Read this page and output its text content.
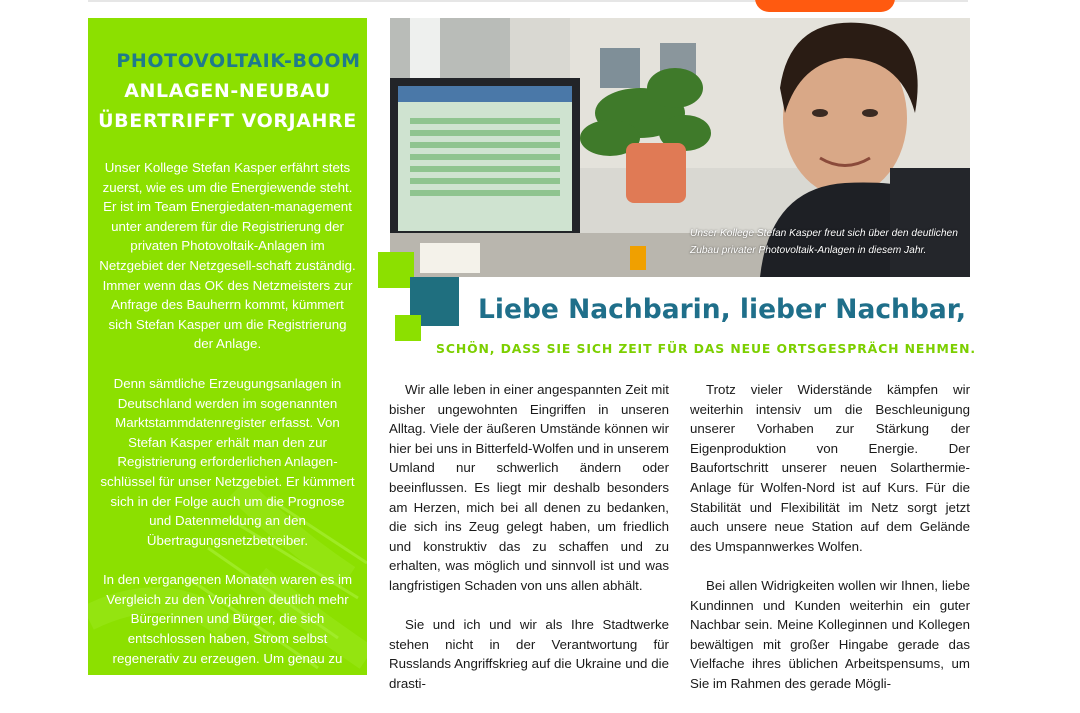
PHOTOVOLTAIK-BOOM
ANLAGEN-NEUBAU
ÜBERTRIFFT VORJAHRE

Unser Kollege Stefan Kasper erfährt stets zuerst, wie es um die Energiewende steht. Er ist im Team Energiedaten-management unter anderem für die Registrierung der privaten Photovoltaik-Anlagen im Netzgebiet der Netzgesell-schaft zuständig. Immer wenn das OK des Netzmeisters zur Anfrage des Bauherrn kommt, kümmert sich Stefan Kasper um die Registrierung der Anlage.

Denn sämtliche Erzeugungsanlagen in Deutschland werden im sogenannten Marktstammdatenregister erfasst. Von Stefan Kasper erhält man den zur Registrierung erforderlichen Anlagen-schlüssel für unser Netzgebiet. Er kümmert sich in der Folge auch um die Prognose und Datenmeldung an den Übertragungsnetzbetreiber.

In den vergangenen Monaten waren es im Vergleich zu den Vorjahren deutlich mehr Bürgerinnen und Bürger, die sich entschlossen haben, Strom selbst regenerativ zu erzeugen. Um genau zu

Unser Kollege Stefan Kasper freut sich über den deutlichen Zubau privater Photovoltaik-Anlagen in diesem Jahr.
Liebe Nachbarin, lieber Nachbar,
SCHÖN, DASS SIE SICH ZEIT FÜR DAS NEUE ORTSGESPRÄCH NEHMEN.

Wir alle leben in einer angespannten Zeit mit bisher ungewohnten Eingriffen in unseren Alltag. Viele der äußeren Umstände können wir hier bei uns in Bitterfeld-Wolfen und in unserem Umland nur schwerlich ändern oder beeinflussen. Es liegt mir deshalb besonders am Herzen, mich bei all denen zu bedanken, die sich ins Zeug gelegt haben, um friedlich und konstruktiv das zu schaffen und zu erhalten, was möglich und sinnvoll ist und was langfristigen Schaden von uns allen abhält.

Sie und ich und wir als Ihre Stadtwerke stehen nicht in der Verantwortung für Russlands Angriffskrieg auf die Ukraine und die drasti-

Trotz vieler Widerstände kämpfen wir weiterhin intensiv um die Beschleunigung unserer Vorhaben zur Stärkung der Eigenproduktion von Energie. Der Baufortschritt unserer neuen Solarthermie-Anlage für Wolfen-Nord ist auf Kurs. Für die Stabilität und Flexibilität im Netz sorgt jetzt auch unsere neue Station auf dem Gelände des Umspannwerkes Wolfen.

Bei allen Widrigkeiten wollen wir Ihnen, liebe Kundinnen und Kunden weiterhin ein guter Nachbar sein. Meine Kolleginnen und Kollegen bewältigen mit großer Hingabe gerade das Vielfache ihres üblichen Arbeitspensums, um Sie im Rahmen des gerade Mögli-
